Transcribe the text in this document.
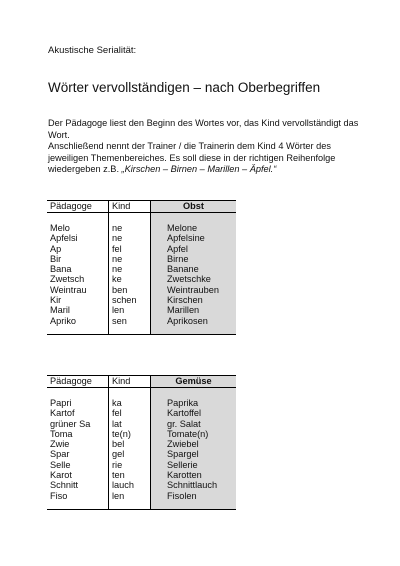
Akustische Serialität:
Wörter vervollständigen – nach Oberbegriffen

Der Pädagoge liest den Beginn des Wortes vor, das Kind vervollständigt das Wort.

Anschließend nennt der Trainer / die Trainerin dem Kind 4 Wörter des jeweiligen Themenbereiches. Es soll diese in der richtigen Reihenfolge wiedergeben z.B. „Kirschen – Birnen – Marillen – Äpfel.“

Pädagoge	Kind	Obst

Melo	ne	Melone
Apfelsi	ne	Apfelsine
Ap	fel	Apfel
Bir	ne	Birne
Bana	ne	Banane
Zwetsch	ke	Zwetschke
Weintrau	ben	Weintrauben
Kir	schen	Kirschen
Maril	len	Marillen
Apriko	sen	Aprikosen
Pädagoge	Kind	Gemüse

Papri	ka	Paprika
Kartof	fel	Kartoffel
grüner Sa	lat	gr. Salat
Toma	te(n)	Tomate(n)
Zwie	bel	Zwiebel
Spar	gel	Spargel
Selle	rie	Sellerie
Karot	ten	Karotten
Schnitt	lauch	Schnittlauch
Fiso	len	Fisolen
